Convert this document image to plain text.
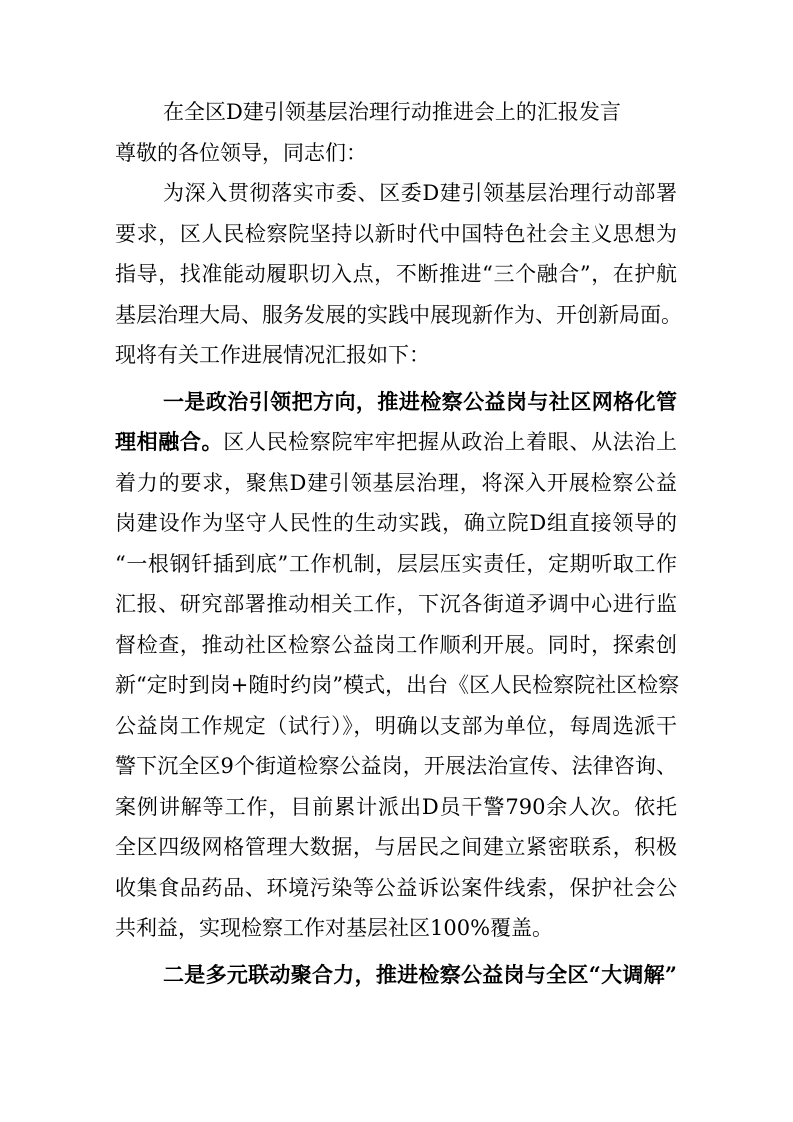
在全区D建引领基层治理行动推进会上的汇报发言
尊敬的各位领导，同志们：
为深入贯彻落实市委、区委D建引领基层治理行动部署
要求，区人民检察院坚持以新时代中国特色社会主义思想为
指导，找准能动履职切入点，不断推进“三个融合”，在护航
基层治理大局、服务发展的实践中展现新作为、开创新局面。
现将有关工作进展情况汇报如下：
一是政治引领把方向，推进检察公益岗与社区网格化管
理相融合。区人民检察院牢牢把握从政治上着眼、从法治上
着力的要求，聚焦D建引领基层治理，将深入开展检察公益
岗建设作为坚守人民性的生动实践，确立院D组直接领导的
“一根钢钎插到底”工作机制，层层压实责任，定期听取工作
汇报、研究部署推动相关工作，下沉各街道矛调中心进行监
督检查，推动社区检察公益岗工作顺利开展。同时，探索创
新“定时到岗+随时约岗”模式，出台《区人民检察院社区检察
公益岗工作规定（试行）》，明确以支部为单位，每周选派干
警下沉全区9个街道检察公益岗，开展法治宣传、法律咨询、
案例讲解等工作，目前累计派出D员干警790余人次。依托
全区四级网格管理大数据，与居民之间建立紧密联系，积极
收集食品药品、环境污染等公益诉讼案件线索，保护社会公
共利益，实现检察工作对基层社区100%覆盖。
二是多元联动聚合力，推进检察公益岗与全区“大调解”
